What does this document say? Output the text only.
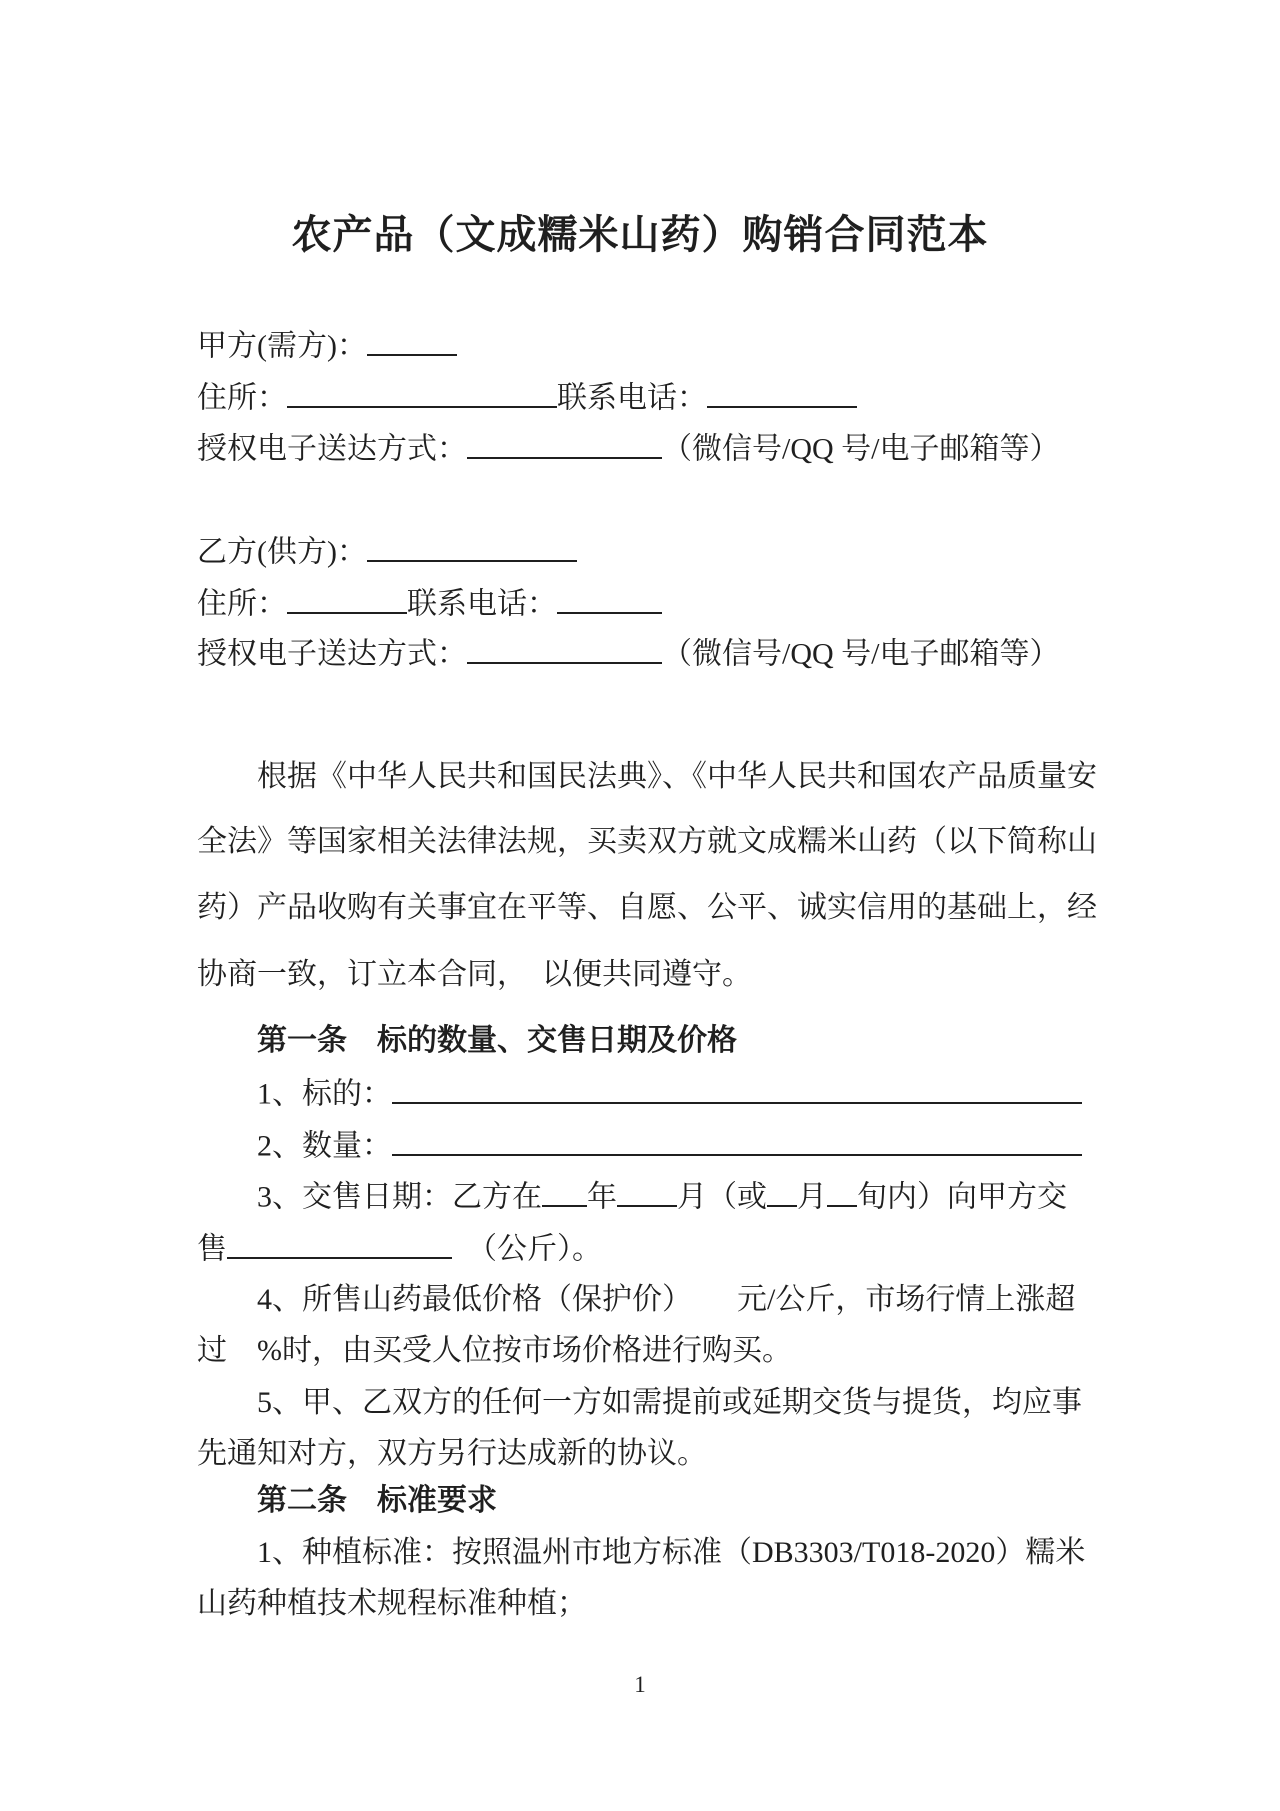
农产品（文成糯米山药）购销合同范本
甲方(需方)：
住所：	联系电话：
授权电子送达方式：	（微信号/QQ 号/电子邮箱等）
乙方(供方)：
住所：	联系电话：
授权电子送达方式：	（微信号/QQ 号/电子邮箱等）
根据《中华人民共和国民法典》、《中华人民共和国农产品质量安
全法》等国家相关法律法规，买卖双方就文成糯米山药（以下简称山
药）产品收购有关事宜在平等、自愿、公平、诚实信用的基础上，经
协商一致，订立本合同，　以便共同遵守。
第一条　标的数量、交售日期及价格
1、标的：
2、数量：
3、交售日期：乙方在 年 月（或 月 旬内）向甲方交
售	　（公斤）。
4、所售山药最低价格（保护价）　　元/公斤，市场行情上涨超
过　%时，由买受人位按市场价格进行购买。
5、甲、乙双方的任何一方如需提前或延期交货与提货，均应事
先通知对方，双方另行达成新的协议。
第二条　标准要求
1、种植标准：按照温州市地方标准（DB3303/T018-2020）糯米
山药种植技术规程标准种植；
1
